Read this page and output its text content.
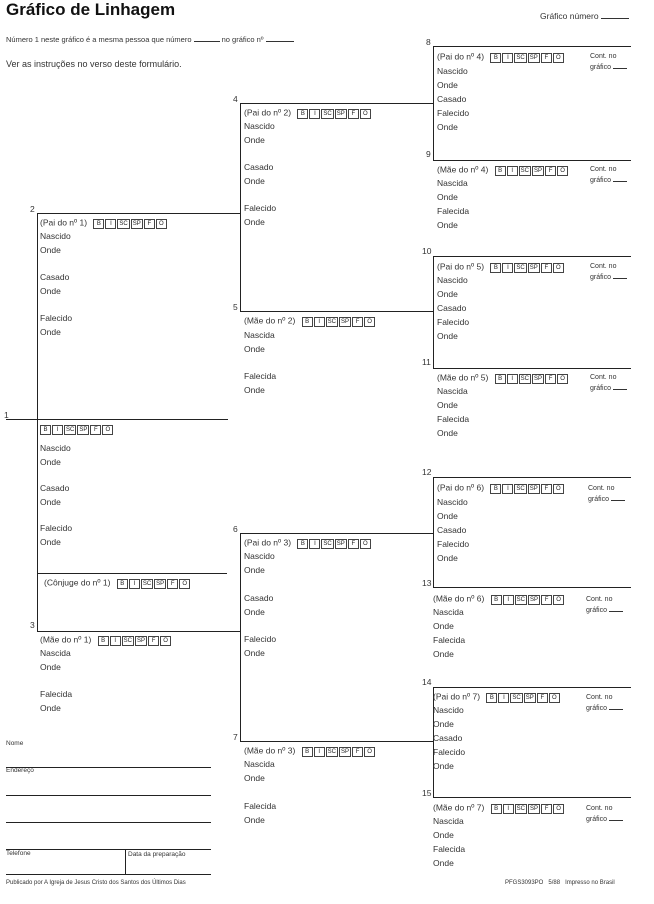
Gráfico de Linhagem	Gráfico número
Número 1 neste gráfico é a mesma pessoa que número	no gráfico nº
Ver as instruções no verso deste formulário.
1
2
3
4
5
6
7
8
9
10
11
12
13
14
15
B I SC SP F O
Nascido
Onde
Casado
Onde
Falecido
Onde
(Cônjuge do nº 1) B I SC SP F O
(Pai do nº 1) B I SC SP F O
Nascido
Onde
Casado
Onde
Falecido
Onde
(Mãe do nº 1) B I SC SP F O
Nascida
Onde
Falecida
Onde
(Pai do nº 2) B I SC SP F O
Nascido
Onde
Casado
Onde
Falecido
Onde
(Mãe do nº 2) B I SC SP F O
Nascida
Onde
Falecida
Onde
(Pai do nº 3) B I SC SP F O
Nascido
Onde
Casado
Onde
Falecido
Onde
(Mãe do nº 3) B I SC SP F O
Nascida
Onde
Falecida
Onde
(Pai do nº 4) B I SC SP F O	Cont. no
gráfico
Nascido
Onde
Casado
Falecido
Onde
(Mãe do nº 4) B I SC SP F O	Cont. no
gráfico
Nascida
Onde
Falecida
Onde
(Pai do nº 5) B I SC SP F O	Cont. no
gráfico
Nascido
Onde
Casado
Falecido
Onde
(Mãe do nº 5) B I SC SP F O	Cont. no
gráfico
Nascida
Onde
Falecida
Onde
(Pai do nº 6) B I SC SP F O	Cont. no
gráfico
Nascido
Onde
Casado
Falecido
Onde
(Mãe do nº 6) B I SC SP F O	Cont. no
gráfico
Nascida
Onde
Falecida
Onde
(Pai do nº 7) B I SC SP F O	Cont. no
gráfico
Nascido
Onde
Casado
Falecido
Onde
(Mãe do nº 7) B I SC SP F O	Cont. no
gráfico
Nascida
Onde
Falecida
Onde
Nome
Endereço
Telefone	Data da preparação
Publicado por A Igreja de Jesus Cristo dos Santos dos Últimos Dias	PFGS3093PO 5/88 Impresso no Brasil
